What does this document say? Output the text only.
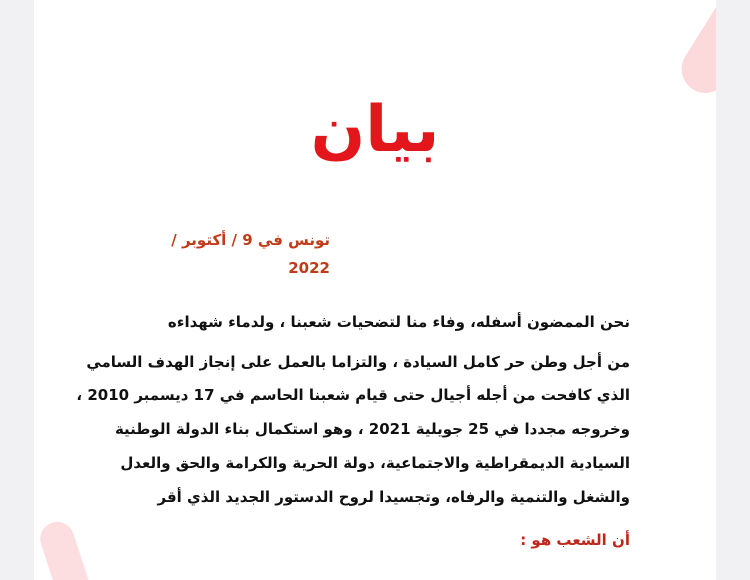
بيان
تونس في 9 / أكتوبر / 2022
نحن الممضون أسفله، وفاء منا لتضحيات شعبنا ، ولدماء شهداءه
من أجل وطن حر كامل السيادة ، والتزاما بالعمل على إنجاز الهدف السامي
الذي كافحت من أجله أجيال حتى قيام شعبنا الحاسم في 17 ديسمبر 2010 ،
وخروجه مجددا في 25 جويلية 2021 ، وهو استكمال بناء الدولة الوطنية
السيادية الديمقراطية والاجتماعية، دولة الحرية والكرامة والحق والعدل
والشغل والتنمية والرفاه، وتجسيدا لروح الدستور الجديد الذي أقر
أن الشعب هو :
